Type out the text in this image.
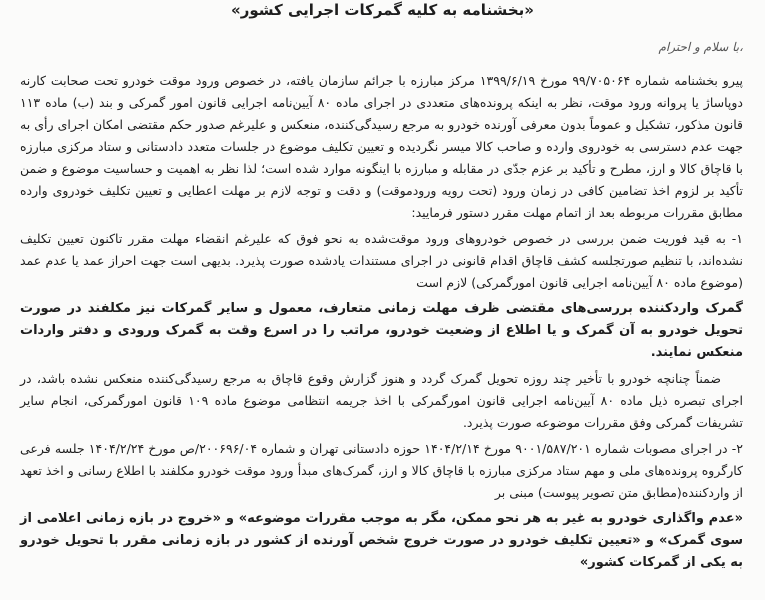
«بخشنامه به کلیه گمرکات اجرایی کشور»
با سلام و احترام،

پیرو بخشنامه شماره ۹۹/۷۰۵۰۶۴ مورخ ۱۳۹۹/۶/۱۹ مرکز مبارزه با جرائم سازمان یافته، در خصوص ورود موقت خودرو تحت صحابت کارنه دوپاساژ یا پروانه ورود موقت، نظر به اینکه پرونده‌های متعددی در اجرای ماده ۸۰ آیین‌نامه اجرایی قانون امور گمرکی و بند (ب) ماده ۱۱۳ قانون مذکور، تشکیل و عموماً بدون معرفی آورنده خودرو به مرجع رسیدگی‌کننده، منعکس و علیرغم صدور حکم مقتضی امکان اجرای رأی به جهت عدم دسترسی به خودروی وارده و صاحب کالا میسر نگردیده و تعیین تکلیف موضوع در جلسات متعدد دادستانی و ستاد مرکزی مبارزه با قاچاق کالا و ارز، مطرح و تأکید بر عزم جدّی در مقابله و مبارزه با اینگونه موارد شده است؛ لذا نظر به اهمیت و حساسیت موضوع و ضمن تأکید بر لزوم اخذ تضامین کافی در زمان ورود (تحت رویه ورودموقت) و دقت و توجه لازم بر مهلت اعطایی و تعیین تکلیف خودروی وارده مطابق مقررات مربوطه بعد از اتمام مهلت مقرر دستور فرمایید:

۱- به قید فوریت ضمن بررسی در خصوص خودروهای ورود موقت‌شده به نحو فوق که علیرغم انقضاء مهلت مقرر تاکنون تعیین تکلیف نشده‌اند، با تنظیم صورتجلسه کشف قاچاق اقدام قانونی در اجرای مستندات یادشده صورت پذیرد. بدیهی است جهت احراز عمد یا عدم عمد (موضوع ماده ۸۰ آیین‌نامه اجرایی قانون امورگمرکی) لازم است

گمرک واردکننده بررسی‌های مقتضی ظرف مهلت زمانی متعارف، معمول و سایر گمرکات نیز مکلفند در صورت تحویل خودرو به آن گمرک و یا اطلاع از وضعیت خودرو، مراتب را در اسرع وقت به گمرک ورودی و دفتر واردات منعکس نمایند.

ضمناً چنانچه خودرو با تأخیر چند روزه تحویل گمرک گردد و هنوز گزارش وقوع قاچاق به مرجع رسیدگی‌کننده منعکس نشده باشد، در اجرای تبصره ذیل ماده ۸۰ آیین‌نامه اجرایی قانون امورگمرکی با اخذ جریمه انتظامی موضوع ماده ۱۰۹ قانون امورگمرکی، انجام سایر تشریفات گمرکی وفق مقررات موضوعه صورت پذیرد.

۲- در اجرای مصوبات شماره ۹۰۰۱/۵۸۷/۲۰۱ مورخ ۱۴۰۴/۲/۱۴ حوزه دادستانی تهران و شماره ۲۰۰۶۹۶/۰۴/ص مورخ ۱۴۰۴/۲/۲۴ جلسه فرعی کارگروه پرونده‌های ملی و مهم ستاد مرکزی مبارزه با قاچاق کالا و ارز، گمرک‌های مبدأ ورود موقت خودرو مکلفند با اطلاع رسانی و اخذ تعهد از واردکننده(مطابق متن تصویر پیوست) مبنی بر

«عدم واگذاری خودرو به غیر به هر نحو ممکن، مگر به موجب مقررات موضوعه» و «خروج در بازه زمانی اعلامی از سوی گمرک» و «تعیین تکلیف خودرو در صورت خروج شخص آورنده از کشور در بازه زمانی مقرر با تحویل خودرو به یکی از گمرکات کشور»
